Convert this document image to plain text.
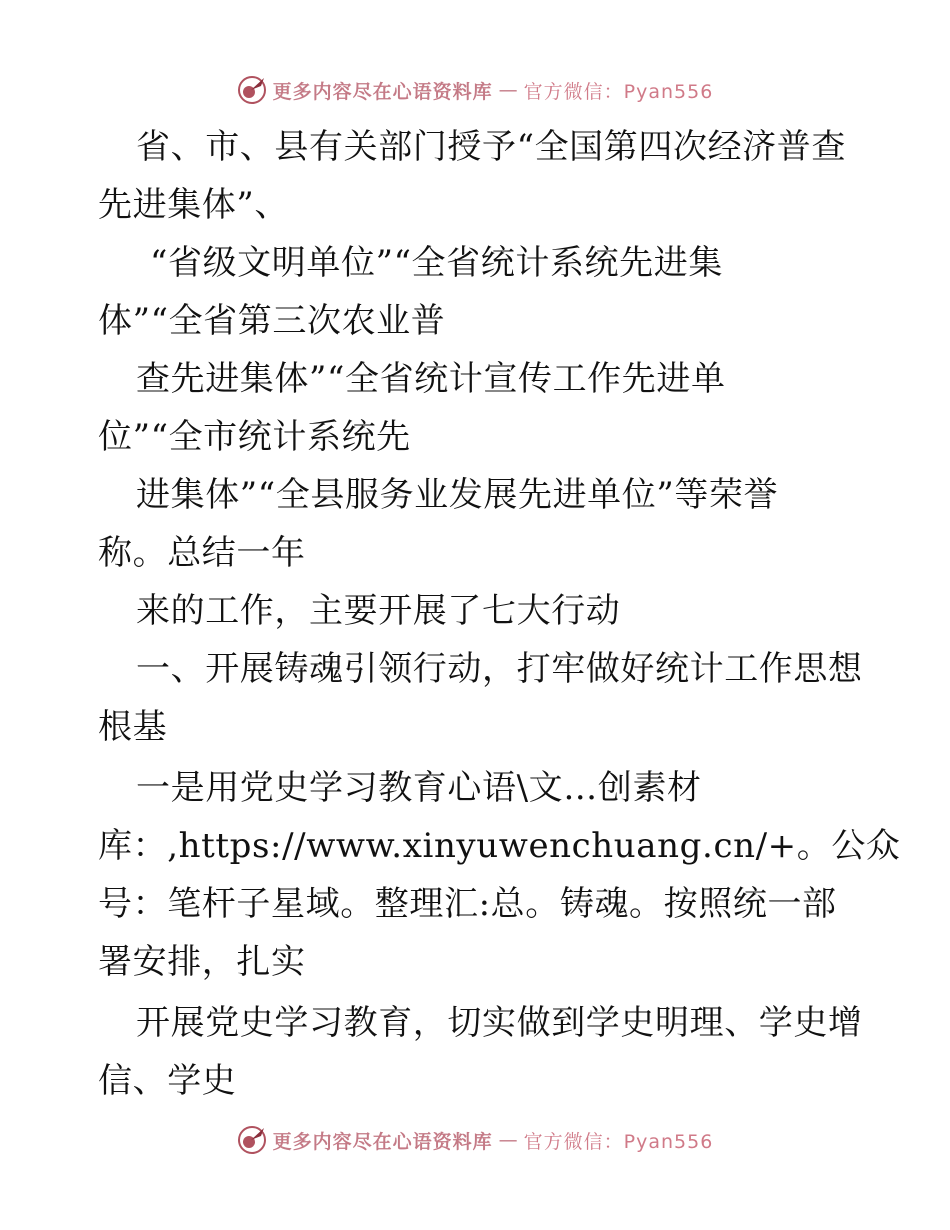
更多内容尽在心语资料库 — 官方微信：Pyan556
省、市、县有关部门授予“全国第四次经济普查
先进集体”、
“省级文明单位”“全省统计系统先进集
体”“全省第三次农业普
查先进集体”“全省统计宣传工作先进单
位”“全市统计系统先
进集体”“全县服务业发展先进单位”等荣誉
称。总结一年
来的工作，主要开展了七大行动
一、开展铸魂引领行动，打牢做好统计工作思想
根基
一是用党史学习教育心语\文…创素材
库：,https://www.xinyuwenchuang.cn/+。公众
号：笔杆子星域。整理汇:总。铸魂。按照统一部
署安排，扎实
开展党史学习教育，切实做到学史明理、学史增
信、学史
更多内容尽在心语资料库 — 官方微信：Pyan556
